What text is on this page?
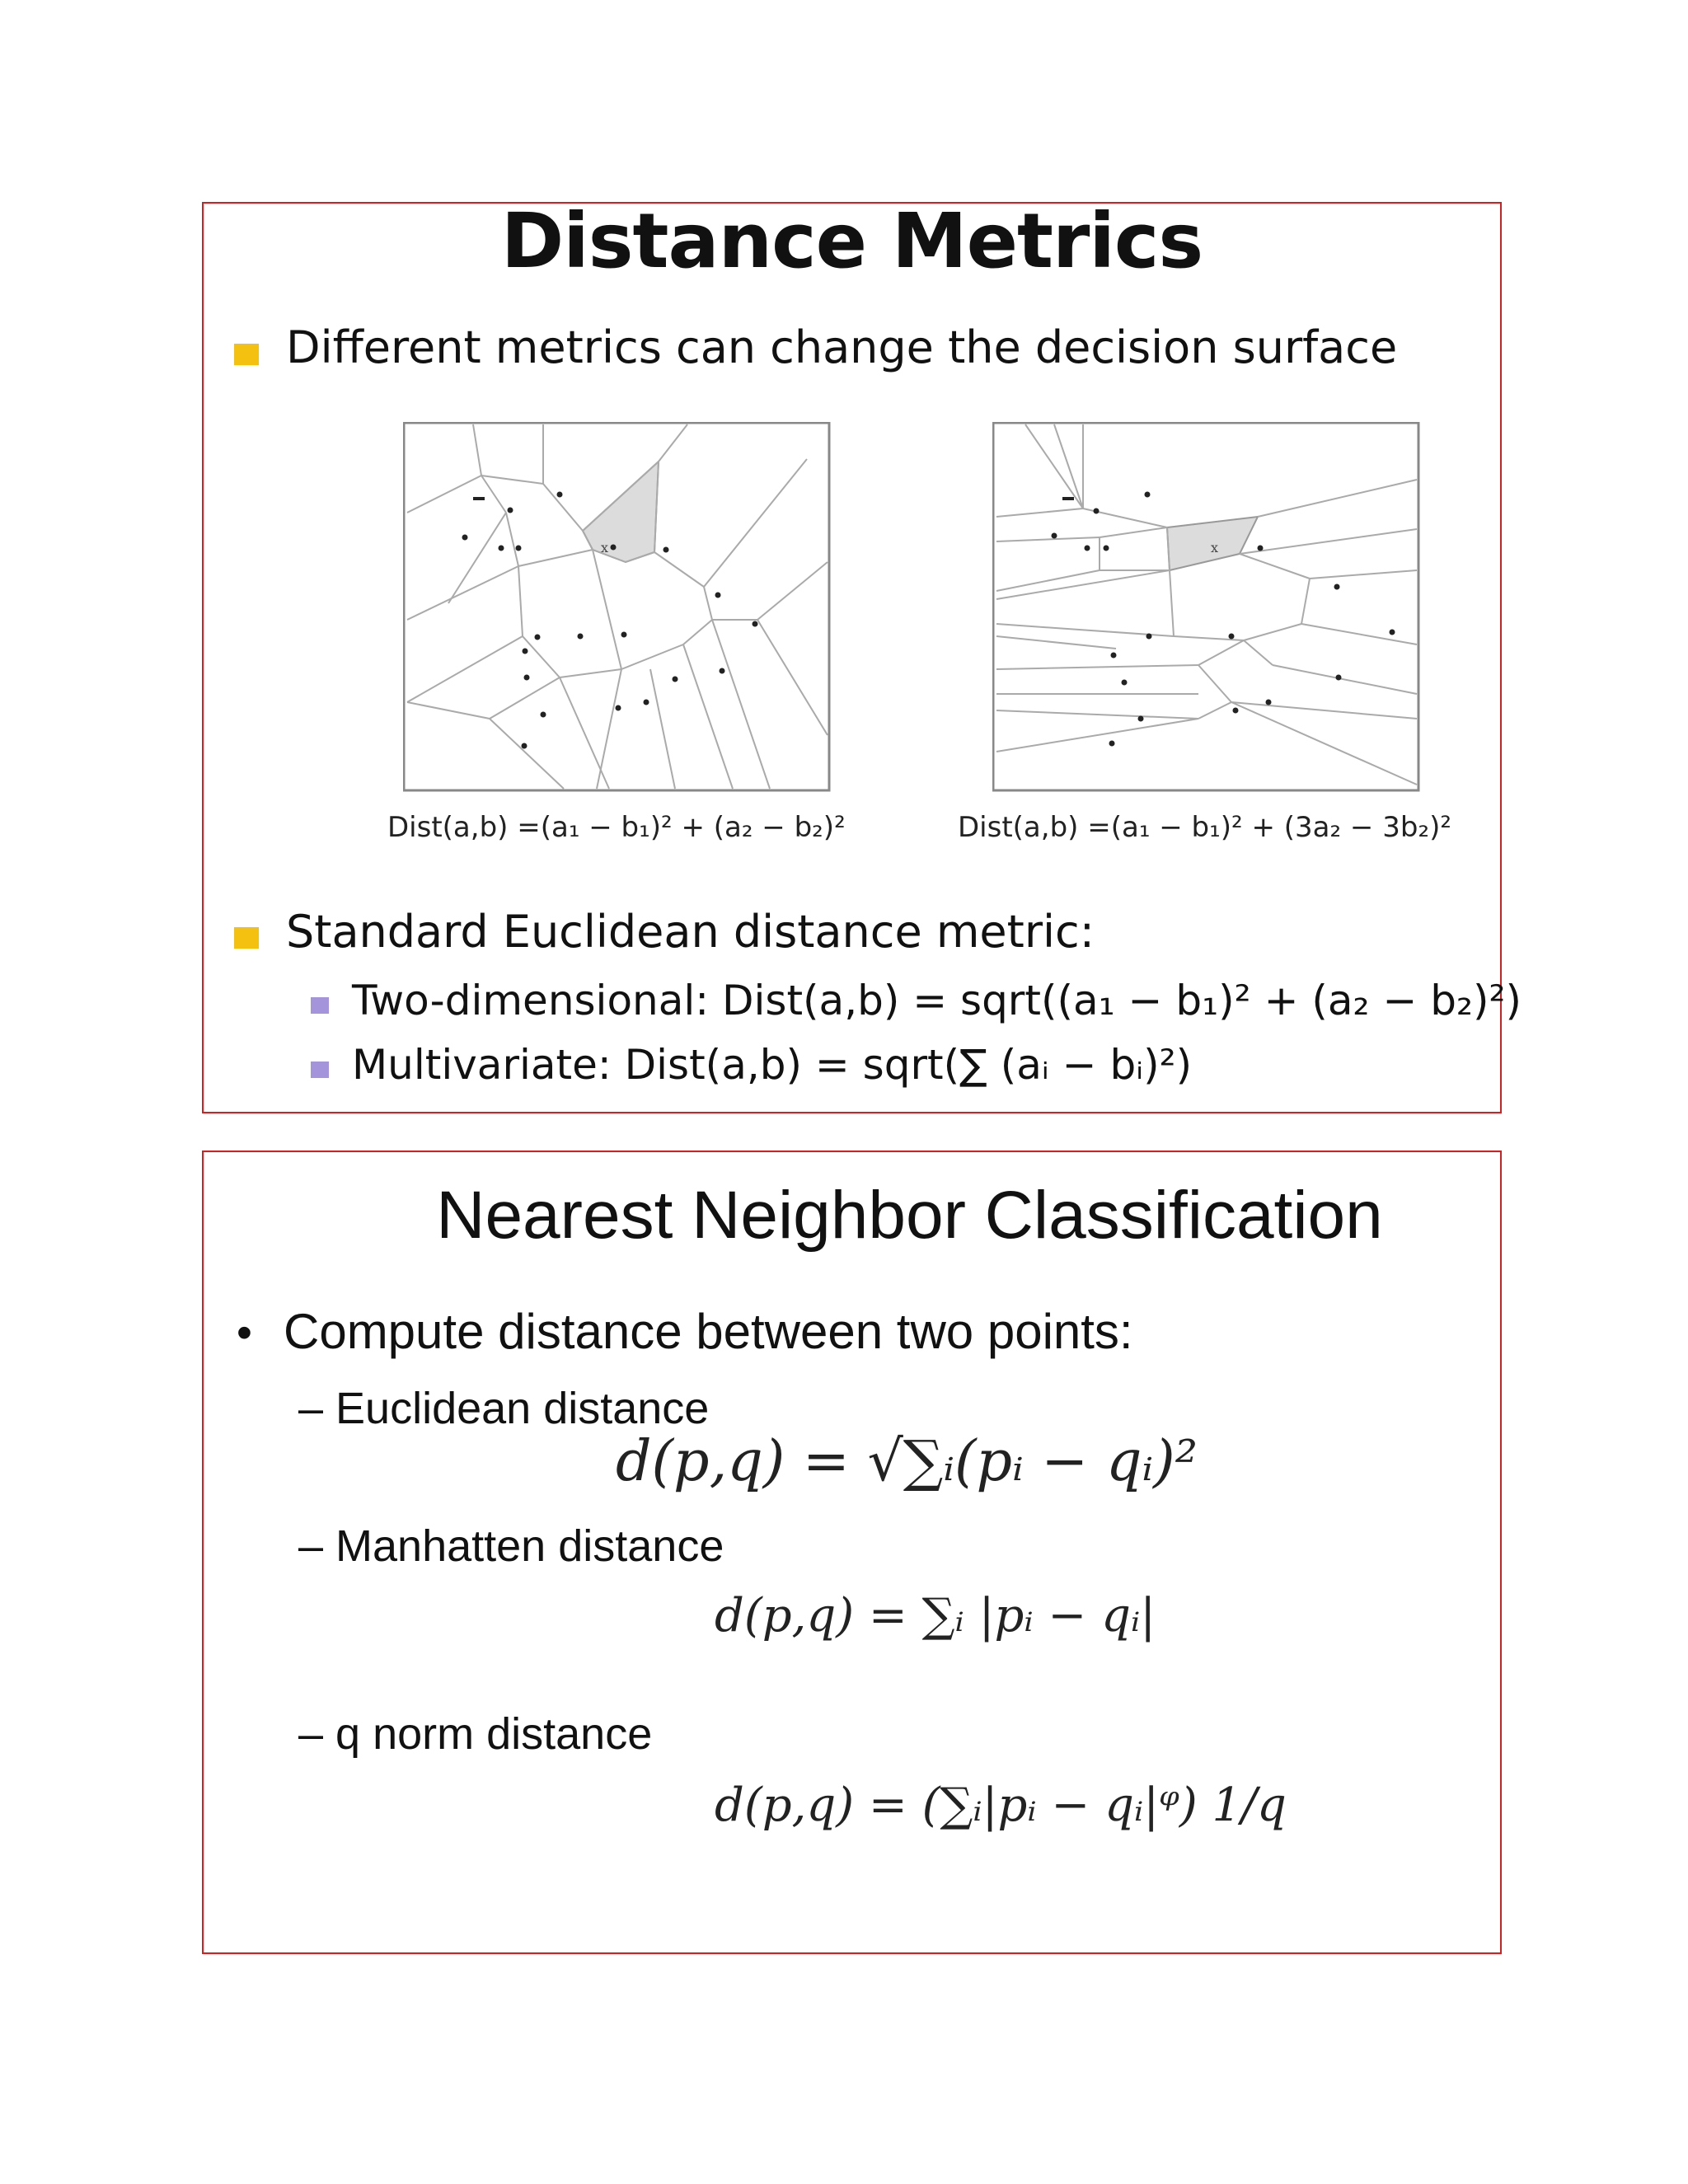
Distance Metrics
Different metrics can change the decision surface
x	x
Dist(a,b) =(a₁ − b₁)² + (a₂ − b₂)²	Dist(a,b) =(a₁ − b₁)² + (3a₂ − 3b₂)²
Standard Euclidean distance metric:
Two-dimensional: Dist(a,b) = sqrt((a₁ − b₁)² + (a₂ − b₂)²)
Multivariate: Dist(a,b) = sqrt(∑ (aᵢ − bᵢ)²)
Nearest Neighbor Classification
• Compute distance between two points:
– Euclidean distance
d(p,q) = √∑ᵢ(pᵢ − qᵢ)²
– Manhatten distance
d(p,q) = ∑ᵢ |pᵢ − qᵢ|
– q norm distance
d(p,q) = (∑ᵢ|pᵢ − qᵢ|ᵠ) 1/q
